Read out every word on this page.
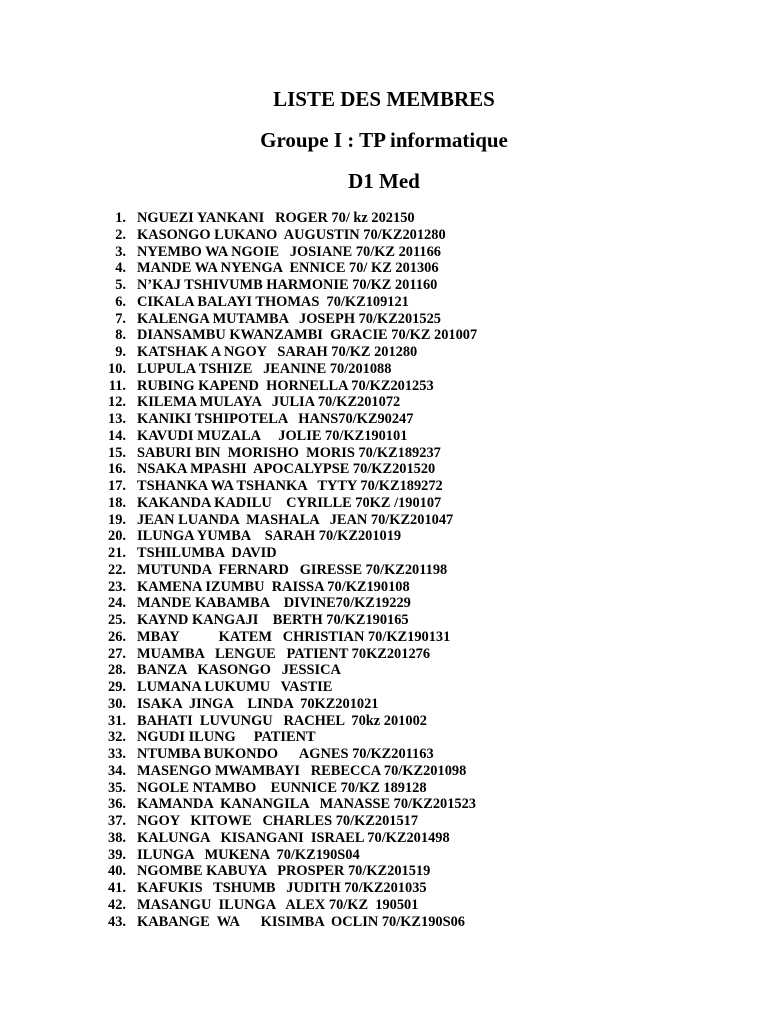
LISTE DES MEMBRES
Groupe I : TP informatique
D1 Med
1. NGUEZI YANKANI   ROGER 70/ kz 202150
2. KASONGO LUKANO  AUGUSTIN 70/KZ201280
3. NYEMBO WA NGOIE   JOSIANE 70/KZ 201166
4. MANDE WA NYENGA  ENNICE 70/ KZ 201306
5. N’KAJ TSHIVUMB HARMONIE 70/KZ 201160
6. CIKALA BALAYI THOMAS  70/KZ109121
7. KALENGA MUTAMBA   JOSEPH 70/KZ201525
8. DIANSAMBU KWANZAMBI  GRACIE 70/KZ 201007
9. KATSHAK A NGOY   SARAH 70/KZ 201280
10. LUPULA TSHIZE   JEANINE 70/201088
11. RUBING KAPEND  HORNELLA 70/KZ201253
12. KILEMA MULAYA   JULIA 70/KZ201072
13. KANIKI TSHIPOTELA   HANS70/KZ90247
14. KAVUDI MUZALA     JOLIE 70/KZ190101
15. SABURI BIN  MORISHO  MORIS 70/KZ189237
16. NSAKA MPASHI  APOCALYPSE 70/KZ201520
17. TSHANKA WA TSHANKA   TYTY 70/KZ189272
18. KAKANDA KADILU    CYRILLE 70KZ /190107
19. JEAN LUANDA  MASHALA   JEAN 70/KZ201047
20. ILUNGA YUMBA    SARAH 70/KZ201019
21. TSHILUMBA  DAVID
22. MUTUNDA  FERNARD   GIRESSE 70/KZ201198
23. KAMENA IZUMBU  RAISSA 70/KZ190108
24. MANDE KABAMBA    DIVINE70/KZ19229
25. KAYND KANGAJI    BERTH 70/KZ190165
26. MBAY           KATEM   CHRISTIAN 70/KZ190131
27. MUAMBA   LENGUE   PATIENT 70KZ201276
28. BANZA   KASONGO   JESSICA
29. LUMANA LUKUMU   VASTIE
30. ISAKA  JINGA    LINDA  70KZ201021
31. BAHATI  LUVUNGU   RACHEL  70kz 201002
32. NGUDI ILUNG     PATIENT
33. NTUMBA BUKONDO      AGNES 70/KZ201163
34. MASENGO MWAMBAYI   REBECCA 70/KZ201098
35. NGOLE NTAMBO    EUNNICE 70/KZ 189128
36. KAMANDA  KANANGILA   MANASSE 70/KZ201523
37. NGOY   KITOWE   CHARLES 70/KZ201517
38. KALUNGA   KISANGANI  ISRAEL 70/KZ201498
39. ILUNGA   MUKENA  70/KZ190S04
40. NGOMBE KABUYA   PROSPER 70/KZ201519
41. KAFUKIS   TSHUMB   JUDITH 70/KZ201035
42. MASANGU  ILUNGA   ALEX 70/KZ  190501
43. KABANGE  WA      KISIMBA  OCLIN 70/KZ190S06
